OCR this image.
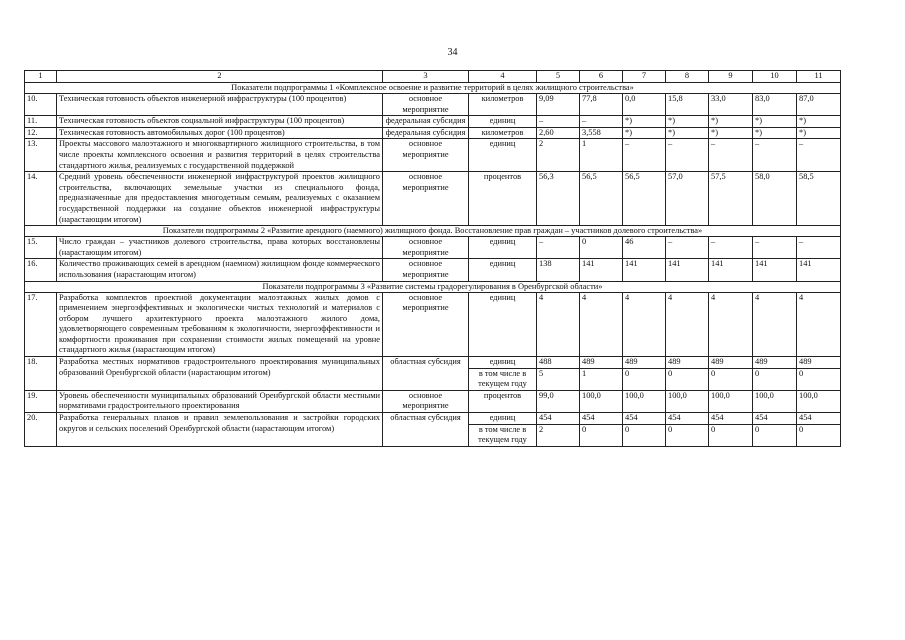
34
1	2	3	4	5	6	7	8	9	10	11
Показатели подпрограммы 1 «Комплексное освоение и развитие территорий в целях жилищного строительства»										
10.	Техническая готовность объектов инженерной инфраструктуры (100 процентов)	основное мероприятие	километров	9,09	77,8	0,0	15,8	33,0	83,0	87,0
11.	Техническая готовность объектов социальной инфраструктуры (100 процентов)	федеральная субсидия	единиц	–	–	*)	*)	*)	*)	*)
12.	Техническая готовность автомобильных дорог (100 процентов)	федеральная субсидия	километров	2,60	3,558	*)	*)	*)	*)	*)
13.	Проекты массового малоэтажного и многоквартирного жилищного строительства, в том числе проекты комплексного освоения и развития территорий в целях строительства стандартного жилья, реализуемых с государственной поддержкой	основное мероприятие	единиц	2	1	–	–	–	–	–
14.	Средний уровень обеспеченности инженерной инфраструктурой проектов жилищного строительства, включающих земельные участки из специального фонда, предназначенные для предоставления многодетным семьям, реализуемых с оказанием государственной поддержки на создание объектов инженерной инфраструктуры (нарастающим итогом)	основное мероприятие	процентов	56,3	56,5	56,5	57,0	57,5	58,0	58,5
Показатели подпрограммы 2 «Развитие арендного (наемного) жилищного фонда. Восстановление прав граждан – участников долевого строительства»										
15.	Число граждан – участников долевого строительства, права которых восстановлены (нарастающим итогом)	основное мероприятие	единиц	–	0	46	–	–	–	–
16.	Количество проживающих семей в арендном (наемном) жилищном фонде коммерческого использования (нарастающим итогом)	основное мероприятие	единиц	138	141	141	141	141	141	141
Показатели подпрограммы 3 «Развитие системы градорегулирования в Оренбургской области»										
17.	Разработка комплектов проектной документации малоэтажных жилых домов с применением энергоэффективных и экологически чистых технологий и материалов с отбором лучшего архитектурного проекта малоэтажного жилого дома, удовлетворяющего современным требованиям к экологичности, энергоэффективности и комфортности проживания при сохранении стоимости жилых помещений на уровне стандартного жилья (нарастающим итогом)	основное мероприятие	единиц	4	4	4	4	4	4	4
18.	Разработка местных нормативов градостроительного проектирования муниципальных образований Оренбургской области (нарастающим итогом)	областная субсидия	единиц	488	489	489	489	489	489	489
			в том числе в текущем году	5	1	0	0	0	0	0
19.	Уровень обеспеченности муниципальных образований Оренбургской области местными нормативами градостроительного проектирования	основное мероприятие	процентов	99,0	100,0	100,0	100,0	100,0	100,0	100,0
20.	Разработка генеральных планов и правил землепользования и застройки городских округов и сельских поселений Оренбургской области (нарастающим итогом)	областная субсидия	единиц	454	454	454	454	454	454	454
			в том числе в текущем году	2	0	0	0	0	0	0
